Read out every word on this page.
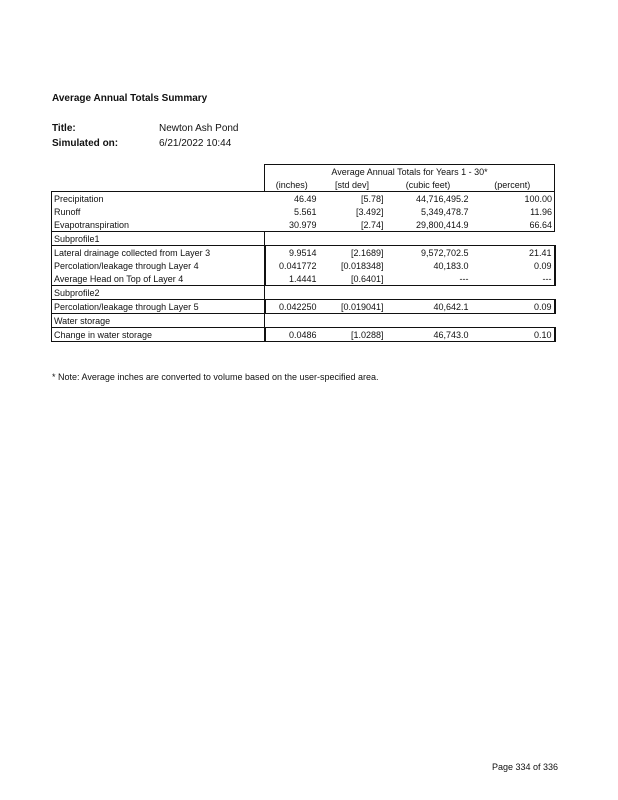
Average Annual Totals Summary
Title:	Newton Ash Pond
Simulated on:	6/21/2022 10:44
	Average Annual Totals for Years 1 - 30*			
	(inches)	[std dev]	(cubic feet)	(percent)
Precipitation	46.49	[5.78]	44,716,495.2	100.00
Runoff	5.561	[3.492]	5,349,478.7	11.96
Evapotranspiration	30.979	[2.74]	29,800,414.9	66.64
Subprofile1				
Lateral drainage collected from Layer 3	9.9514	[2.1689]	9,572,702.5	21.41
Percolation/leakage through Layer 4	0.041772	[0.018348]	40,183.0	0.09
Average Head on Top of Layer 4	1.4441	[0.6401]	---	---
Subprofile2				
Percolation/leakage through Layer 5	0.042250	[0.019041]	40,642.1	0.09
Water storage				
Change in water storage	0.0486	[1.0288]	46,743.0	0.10
* Note: Average inches are converted to volume based on the user-specified area.
Page 334 of 336
